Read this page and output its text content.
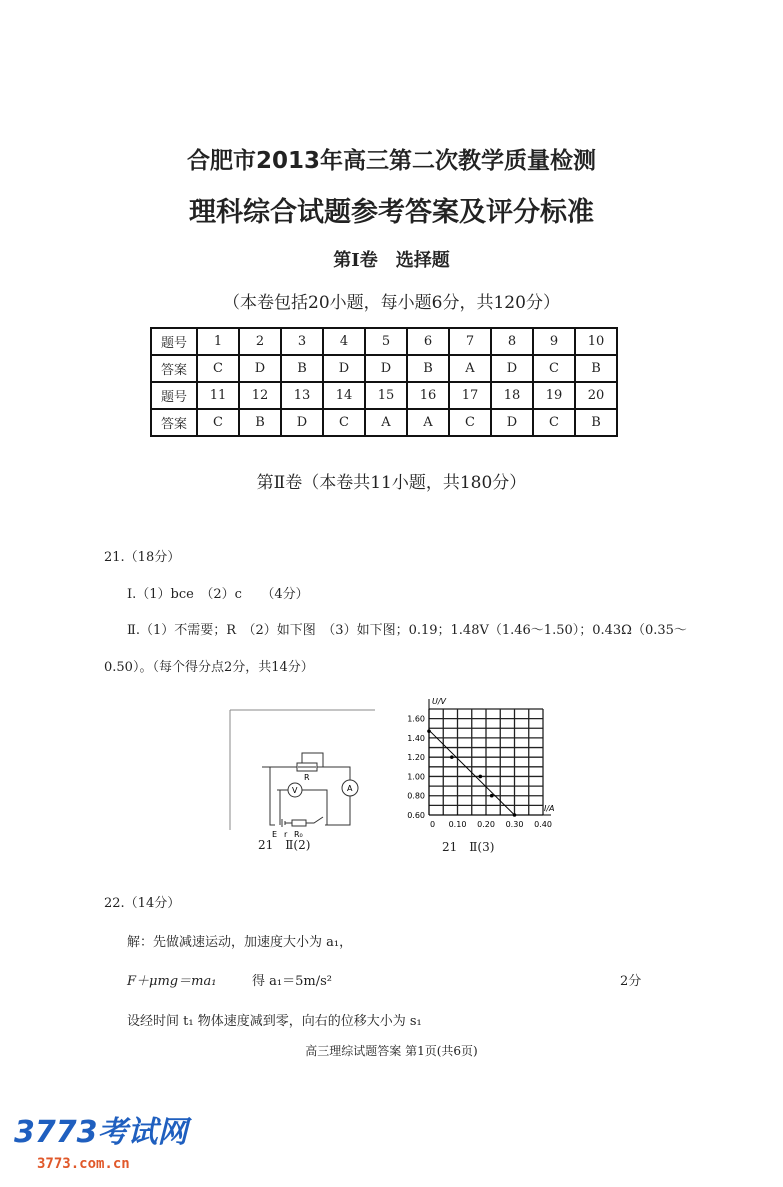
合肥市2013年高三第二次教学质量检测
理科综合试题参考答案及评分标准
第Ⅰ卷　选择题
（本卷包括20小题，每小题6分，共120分）
题号	1	2	3	4	5	6	7	8	9	10
答案	C	D	B	D	D	B	A	D	C	B
题号	11	12	13	14	15	16	17	18	19	20
答案	C	B	D	C	A	A	C	D	C	B
第Ⅱ卷（本卷共11小题，共180分）
21.（18分）
Ⅰ.（1）bce　（2）c　　（4分）
Ⅱ.（1）不需要；R　（2）如下图　（3）如下图；0.19；1.48V（1.46～1.50）；0.43Ω（0.35～
0.50）。（每个得分点2分，共14分）
R
A
V
E r R₀
21　Ⅱ(2)
0.60
0.80
1.00
1.20
1.40
1.60
0 0.10 0.20 0.30 0.40
U/V
I/A
21　Ⅱ(3)
22.（14分）
解：先做减速运动，加速度大小为 a₁，
F＋μmg＝ma₁	得 a₁＝5m/s²	2分
设经时间 t₁ 物体速度减到零，向右的位移大小为 s₁
高三理综试题答案 第1页(共6页)
3773考试网
3773.com.cn
